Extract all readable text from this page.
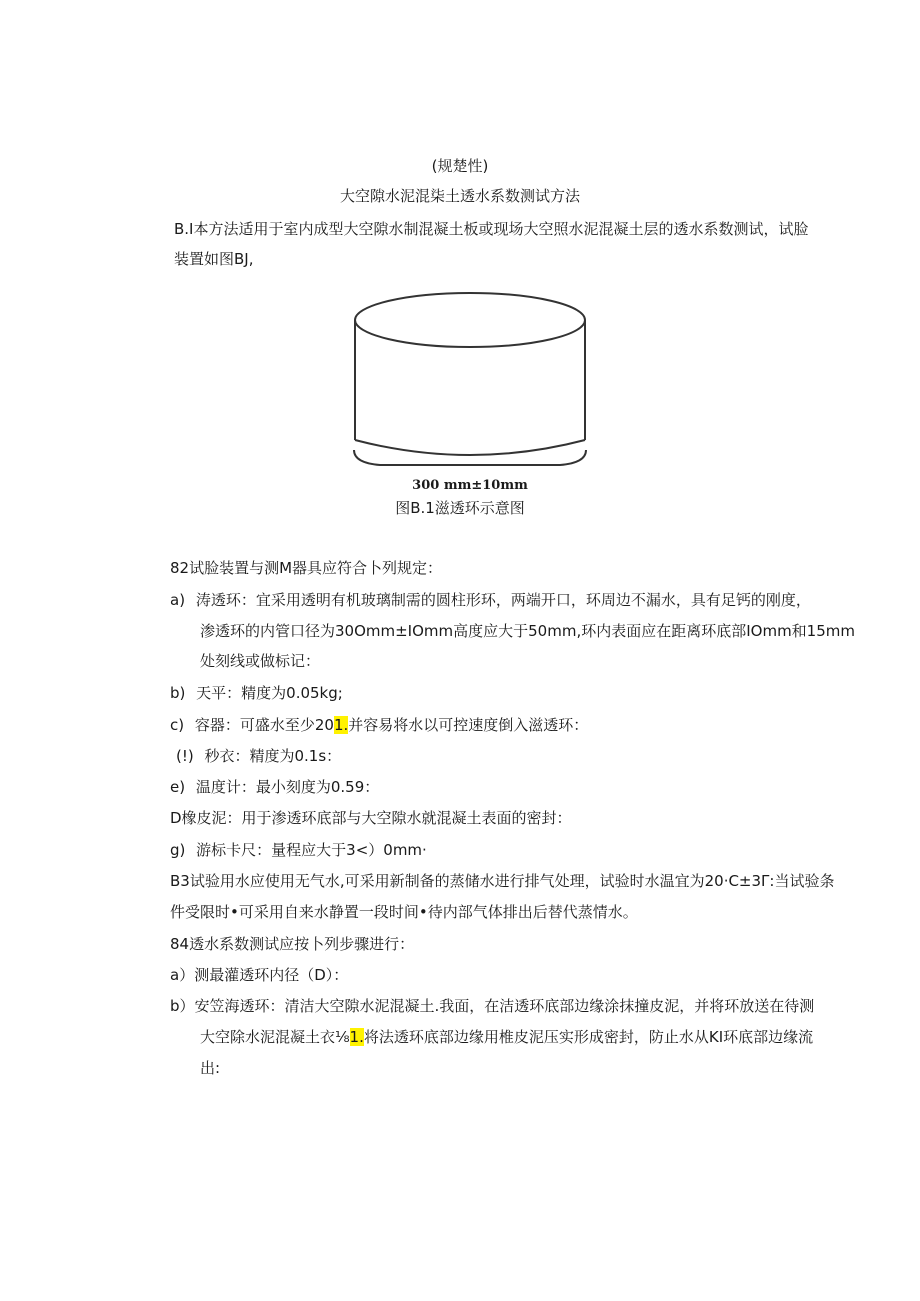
(规楚性)
大空隙水泥混柒土透水系数测试方法
B.I本方法适用于室内成型大空隙水制混凝土板或现场大空照水泥混凝土层的透水系数测试，试脸
装置如图BJ,
300 mm±10mm
图B.1滋透环示意图
82试脸装置与测M器具应符合卜列规定：
a) 涛透环：宜采用透明有机玻璃制需的圆柱形环，两端开口，环周边不漏水，具有足钙的刚度，
渗透环的内管口径为30Omm±IOmm高度应大于50mm,环内表面应在距离环底部IOmm和15mm
处刻线或做标记：
b) 天平：精度为0.05kg;
c) 容器：可盛水至少201.并容易将水以可控速度倒入滋透环：
(!) 秒衣：精度为0.1s：
e) 温度计：最小刻度为0.59：
D橡皮泥：用于渗透环底部与大空隙水就混凝土表面的密封：
g) 游标卡尺：量程应大于3<）0mm·
B3试验用水应使用无气水,可采用新制备的蒸储水进行排气处理，试验时水温宜为20·C±3Γ:当试验条
件受限时•可采用自来水静置一段时间•待内部气体排出后替代蒸情水。
84透水系数测试应按卜列步骤进行：
a）测最灌透环内径（D）：
b）安笠海透环：清洁大空隙水泥混凝土.我面，在洁透环底部边缘涂抹撞皮泥，并将环放送在待测
大空除水泥混凝土衣⅛1.将法透环底部边缘用椎皮泥压实形成密封，防止水从KI环底部边缘流
出:
